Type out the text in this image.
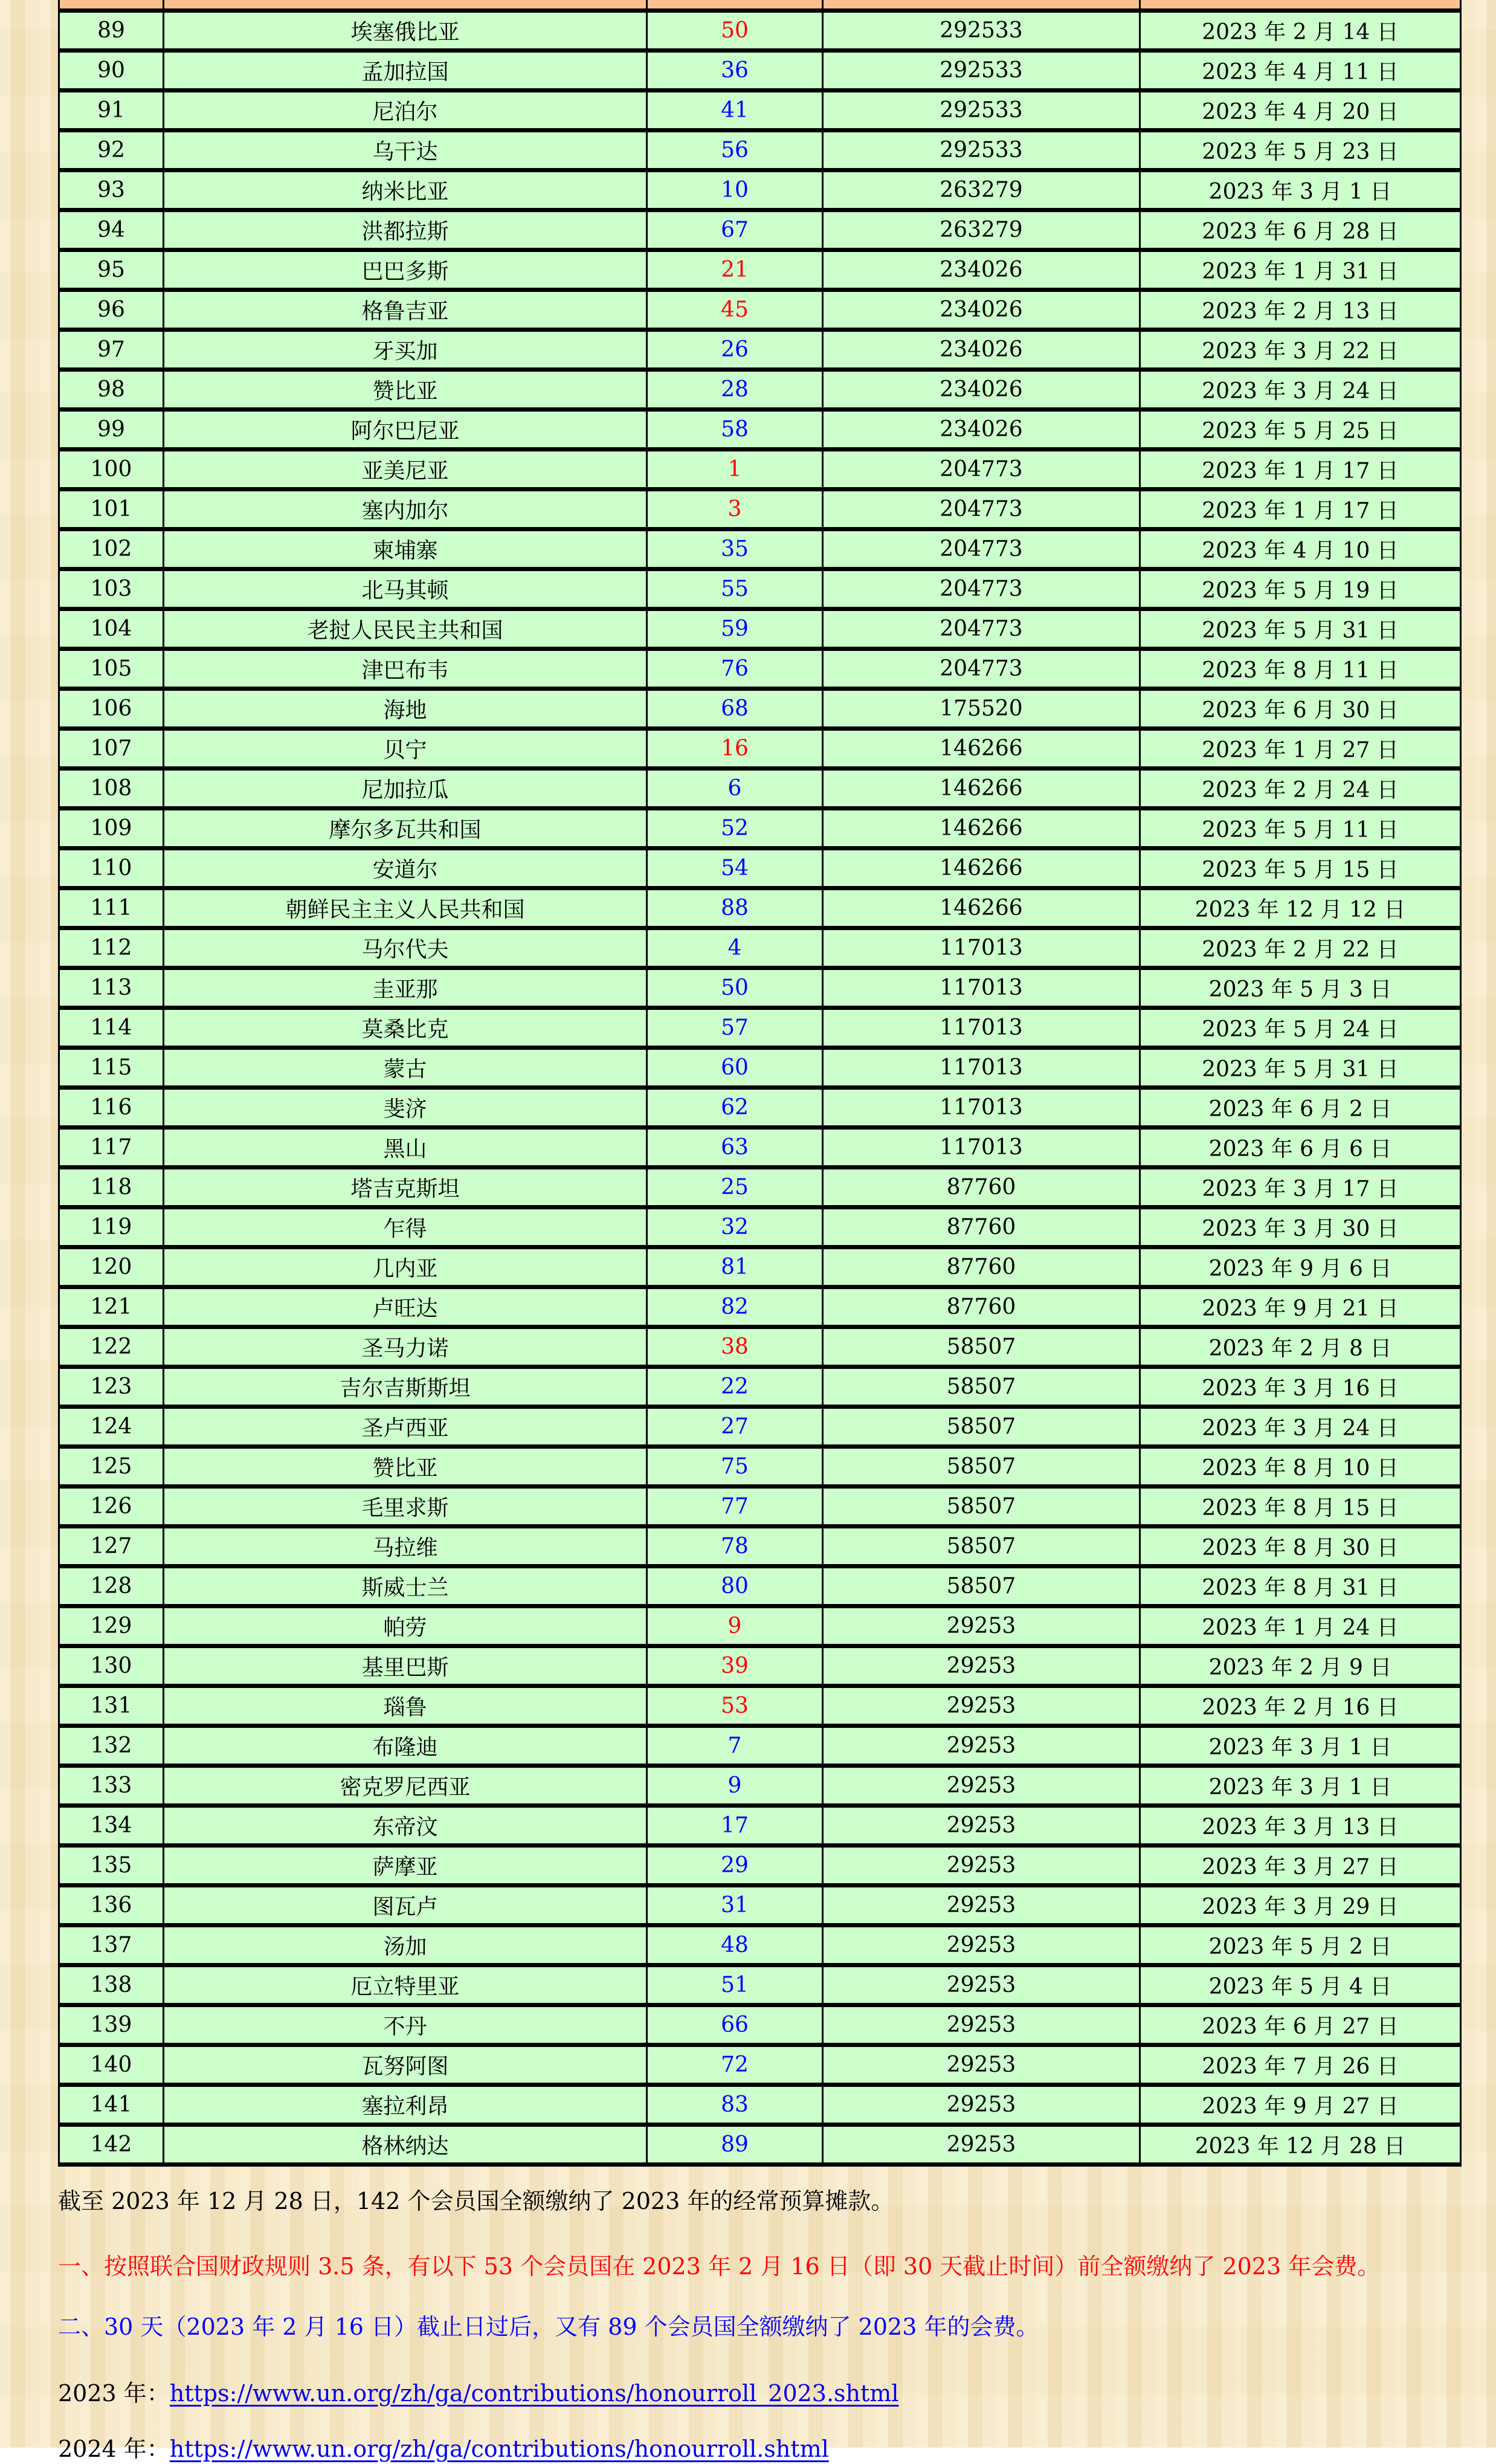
89	埃塞俄比亚	50	292533	2023 年 2 月 14 日
90	孟加拉国	36	292533	2023 年 4 月 11 日
91	尼泊尔	41	292533	2023 年 4 月 20 日
92	乌干达	56	292533	2023 年 5 月 23 日
93	纳米比亚	10	263279	2023 年 3 月 1 日
94	洪都拉斯	67	263279	2023 年 6 月 28 日
95	巴巴多斯	21	234026	2023 年 1 月 31 日
96	格鲁吉亚	45	234026	2023 年 2 月 13 日
97	牙买加	26	234026	2023 年 3 月 22 日
98	赞比亚	28	234026	2023 年 3 月 24 日
99	阿尔巴尼亚	58	234026	2023 年 5 月 25 日
100	亚美尼亚	1	204773	2023 年 1 月 17 日
101	塞内加尔	3	204773	2023 年 1 月 17 日
102	柬埔寨	35	204773	2023 年 4 月 10 日
103	北马其顿	55	204773	2023 年 5 月 19 日
104	老挝人民民主共和国	59	204773	2023 年 5 月 31 日
105	津巴布韦	76	204773	2023 年 8 月 11 日
106	海地	68	175520	2023 年 6 月 30 日
107	贝宁	16	146266	2023 年 1 月 27 日
108	尼加拉瓜	6	146266	2023 年 2 月 24 日
109	摩尔多瓦共和国	52	146266	2023 年 5 月 11 日
110	安道尔	54	146266	2023 年 5 月 15 日
111	朝鲜民主主义人民共和国	88	146266	2023 年 12 月 12 日
112	马尔代夫	4	117013	2023 年 2 月 22 日
113	圭亚那	50	117013	2023 年 5 月 3 日
114	莫桑比克	57	117013	2023 年 5 月 24 日
115	蒙古	60	117013	2023 年 5 月 31 日
116	斐济	62	117013	2023 年 6 月 2 日
117	黑山	63	117013	2023 年 6 月 6 日
118	塔吉克斯坦	25	87760	2023 年 3 月 17 日
119	乍得	32	87760	2023 年 3 月 30 日
120	几内亚	81	87760	2023 年 9 月 6 日
121	卢旺达	82	87760	2023 年 9 月 21 日
122	圣马力诺	38	58507	2023 年 2 月 8 日
123	吉尔吉斯斯坦	22	58507	2023 年 3 月 16 日
124	圣卢西亚	27	58507	2023 年 3 月 24 日
125	赞比亚	75	58507	2023 年 8 月 10 日
126	毛里求斯	77	58507	2023 年 8 月 15 日
127	马拉维	78	58507	2023 年 8 月 30 日
128	斯威士兰	80	58507	2023 年 8 月 31 日
129	帕劳	9	29253	2023 年 1 月 24 日
130	基里巴斯	39	29253	2023 年 2 月 9 日
131	瑙鲁	53	29253	2023 年 2 月 16 日
132	布隆迪	7	29253	2023 年 3 月 1 日
133	密克罗尼西亚	9	29253	2023 年 3 月 1 日
134	东帝汶	17	29253	2023 年 3 月 13 日
135	萨摩亚	29	29253	2023 年 3 月 27 日
136	图瓦卢	31	29253	2023 年 3 月 29 日
137	汤加	48	29253	2023 年 5 月 2 日
138	厄立特里亚	51	29253	2023 年 5 月 4 日
139	不丹	66	29253	2023 年 6 月 27 日
140	瓦努阿图	72	29253	2023 年 7 月 26 日
141	塞拉利昂	83	29253	2023 年 9 月 27 日
142	格林纳达	89	29253	2023 年 12 月 28 日

截至 2023 年 12 月 28 日，142 个会员国全额缴纳了 2023 年的经常预算摊款。

一、按照联合国财政规则 3.5 条，有以下 53 个会员国在 2023 年 2 月 16 日（即 30 天截止时间）前全额缴纳了 2023 年会费。

二、30 天（2023 年 2 月 16 日）截止日过后，又有 89 个会员国全额缴纳了 2023 年的会费。

2023 年：https://www.un.org/zh/ga/contributions/honourroll_2023.shtml

2024 年：https://www.un.org/zh/ga/contributions/honourroll.shtml
